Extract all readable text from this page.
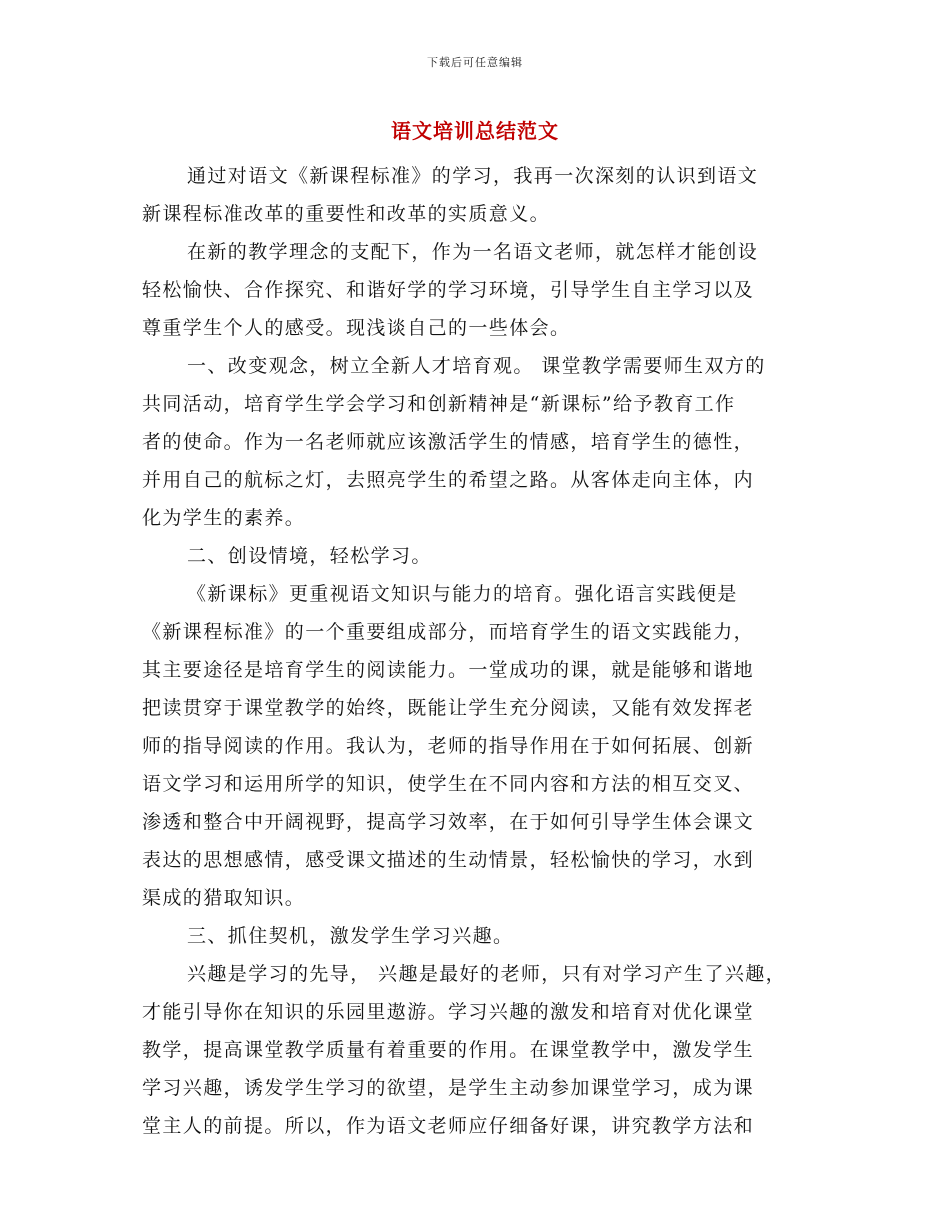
下载后可任意编辑
语文培训总结范文
通过对语文《新课程标准》的学习，我再一次深刻的认识到语文
新课程标准改革的重要性和改革的实质意义。
在新的教学理念的支配下，作为一名语文老师，就怎样才能创设
轻松愉快、合作探究、和谐好学的学习环境，引导学生自主学习以及
尊重学生个人的感受。现浅谈自己的一些体会。
一、改变观念，树立全新人才培育观。 课堂教学需要师生双方的
共同活动，培育学生学会学习和创新精神是“新课标”给予教育工作
者的使命。作为一名老师就应该激活学生的情感，培育学生的德性，
并用自己的航标之灯，去照亮学生的希望之路。从客体走向主体，内
化为学生的素养。
二、创设情境，轻松学习。
《新课标》更重视语文知识与能力的培育。强化语言实践便是
《新课程标准》的一个重要组成部分，而培育学生的语文实践能力，
其主要途径是培育学生的阅读能力。一堂成功的课，就是能够和谐地
把读贯穿于课堂教学的始终，既能让学生充分阅读，又能有效发挥老
师的指导阅读的作用。我认为，老师的指导作用在于如何拓展、创新
语文学习和运用所学的知识，使学生在不同内容和方法的相互交叉、
渗透和整合中开阔视野，提高学习效率，在于如何引导学生体会课文
表达的思想感情，感受课文描述的生动情景，轻松愉快的学习，水到
渠成的猎取知识。
三、抓住契机，激发学生学习兴趣。
兴趣是学习的先导， 兴趣是最好的老师，只有对学习产生了兴趣，
才能引导你在知识的乐园里遨游。学习兴趣的激发和培育对优化课堂
教学，提高课堂教学质量有着重要的作用。在课堂教学中，激发学生
学习兴趣，诱发学生学习的欲望，是学生主动参加课堂学习，成为课
堂主人的前提。所以，作为语文老师应仔细备好课，讲究教学方法和
